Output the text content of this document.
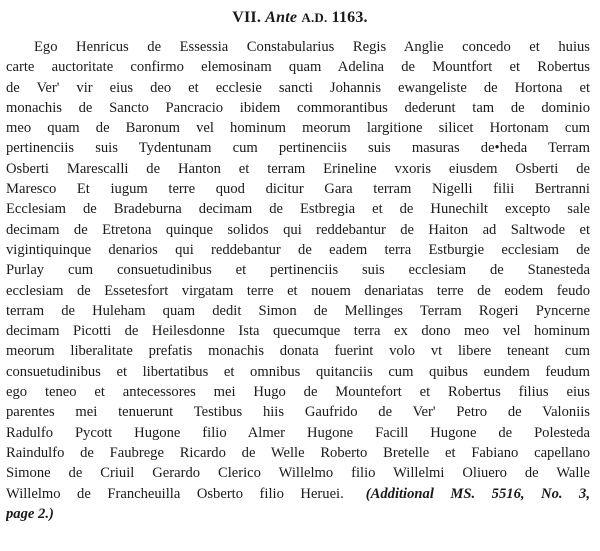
VII. Ante A.D. 1163.
Ego Henricus de Essessia Constabularius Regis Anglie concedo et huius
carte auctoritate confirmo elemosinam quam Adelina de Mountfort et Robertus
de Ver' vir eius deo et ecclesie sancti Johannis ewangeliste de Hortona et
monachis de Sancto Pancracio ibidem commorantibus dederunt tam de dominio
meo quam de Baronum vel hominum meorum largitione silicet Hortonam cum
pertinenciis suis Tydentunam cum pertinenciis suis masuras de•heda Terram
Osberti Marescalli de Hanton et terram Erineline vxoris eiusdem Osberti de
Maresco Et iugum terre quod dicitur Gara terram Nigelli filii Bertranni
Ecclesiam de Bradeburna decimam de Estbregia et de Hunechilt excepto sale
decimam de Etretona quinque solidos qui reddebantur de Haiton ad Saltwode et
vigintiquinque denarios qui reddebantur de eadem terra Estburgie ecclesiam de
Purlay cum consuetudinibus et pertinenciis suis ecclesiam de Stanesteda
ecclesiam de Essetesfort virgatam terre et nouem denariatas terre de eodem feudo
terram de Huleham quam dedit Simon de Mellinges Terram Rogeri Pyncerne
decimam Picotti de Heilesdonne Ista quecumque terra ex dono meo vel hominum
meorum liberalitate prefatis monachis donata fuerint volo vt libere teneant cum
consuetudinibus et libertatibus et omnibus quitanciis cum quibus eundem feudum
ego teneo et antecessores mei Hugo de Mountefort et Robertus filius eius
parentes mei tenuerunt Testibus hiis Gaufrido de Ver' Petro de Valoniis
Radulfo Pycott Hugone filio Almer Hugone Facill Hugone de Polesteda
Raindulfo de Faubrege Ricardo de Welle Roberto Bretelle et Fabiano capellano
Simone de Criuil Gerardo Clerico Willelmo filio Willelmi Oliuero de Walle
Willelmo de Francheuilla Osberto filio Heruei. (Additional MS. 5516, No. 3,
page 2.)
